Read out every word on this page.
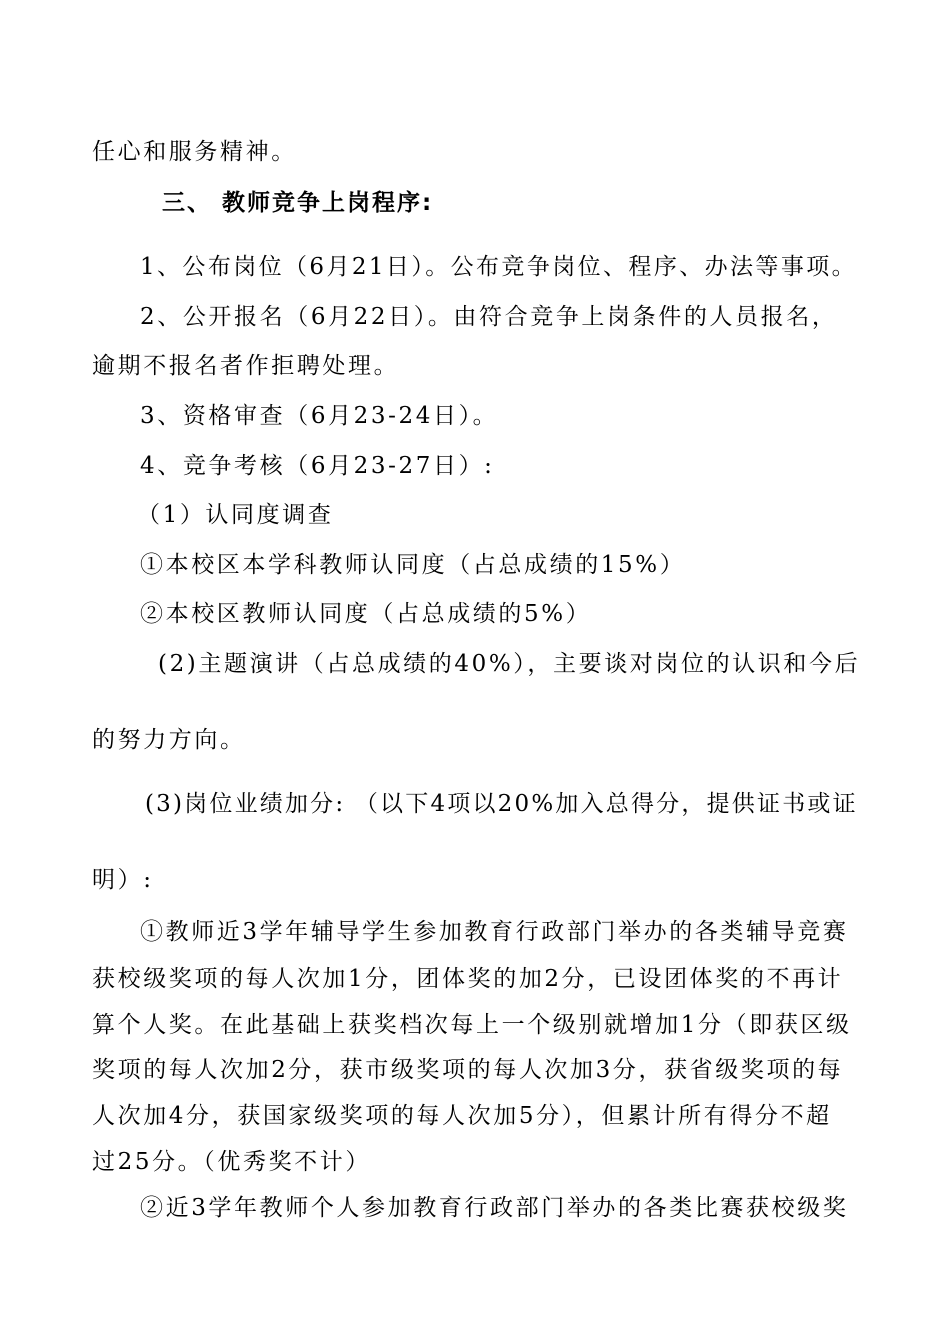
任心和服务精神。
三、 教师竞争上岗程序:
1、公布岗位（6月21日）。公布竞争岗位、程序、办法等事项。
2、公开报名（6月22日）。由符合竞争上岗条件的人员报名，
逾期不报名者作拒聘处理。
3、资格审查（6月23-24日）。
4、竞争考核（6月23-27日）:
（1）认同度调查
①本校区本学科教师认同度（占总成绩的15%）
②本校区教师认同度（占总成绩的5%）
(2)主题演讲（占总成绩的40%），主要谈对岗位的认识和今后
的努力方向。
(3)岗位业绩加分: （以下4项以20%加入总得分，提供证书或证
明）:
①教师近3学年辅导学生参加教育行政部门举办的各类辅导竞赛
获校级奖项的每人次加1分，团体奖的加2分，已设团体奖的不再计
算个人奖。在此基础上获奖档次每上一个级别就增加1分（即获区级
奖项的每人次加2分，获市级奖项的每人次加3分，获省级奖项的每
人次加4分，获国家级奖项的每人次加5分），但累计所有得分不超
过25分。（优秀奖不计）
②近3学年教师个人参加教育行政部门举办的各类比赛获校级奖
